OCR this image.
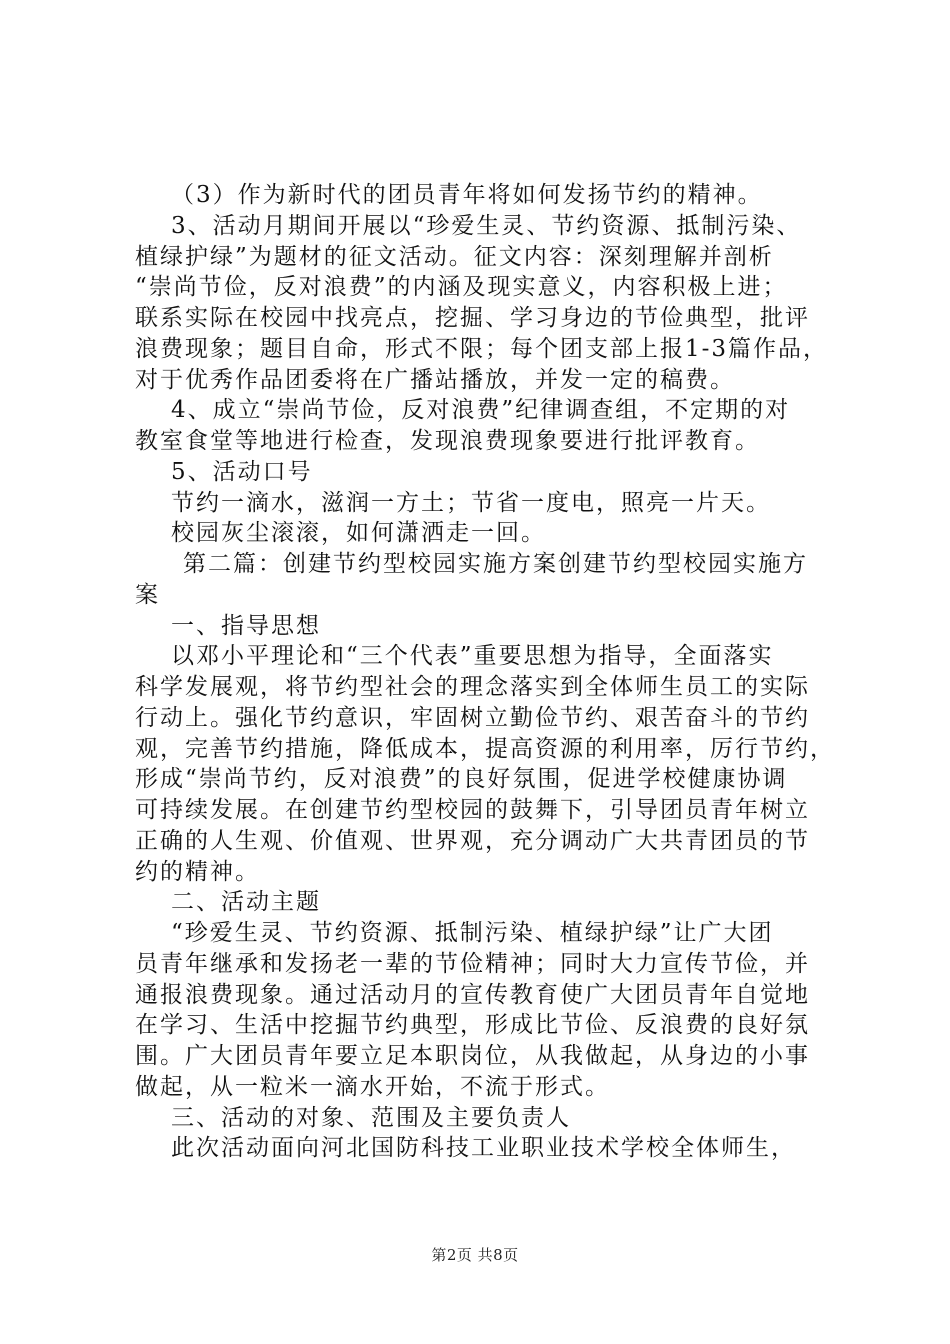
（3）作为新时代的团员青年将如何发扬节约的精神。
3、活动月期间开展以“珍爱生灵、节约资源、抵制污染、
植绿护绿”为题材的征文活动。征文内容：深刻理解并剖析
“崇尚节俭，反对浪费”的内涵及现实意义，内容积极上进；
联系实际在校园中找亮点，挖掘、学习身边的节俭典型，批评
浪费现象；题目自命，形式不限；每个团支部上报1-3篇作品，
对于优秀作品团委将在广播站播放，并发一定的稿费。
4、成立“崇尚节俭，反对浪费”纪律调查组，不定期的对
教室食堂等地进行检查，发现浪费现象要进行批评教育。
5、活动口号
节约一滴水，滋润一方土；节省一度电，照亮一片天。
校园灰尘滚滚，如何潇洒走一回。
第二篇：创建节约型校园实施方案创建节约型校园实施方
案
一、指导思想
以邓小平理论和“三个代表”重要思想为指导，全面落实
科学发展观，将节约型社会的理念落实到全体师生员工的实际
行动上。强化节约意识，牢固树立勤俭节约、艰苦奋斗的节约
观，完善节约措施，降低成本，提高资源的利用率，厉行节约，
形成“崇尚节约，反对浪费”的良好氛围，促进学校健康协调
可持续发展。在创建节约型校园的鼓舞下，引导团员青年树立
正确的人生观、价值观、世界观，充分调动广大共青团员的节
约的精神。
二、活动主题
“珍爱生灵、节约资源、抵制污染、植绿护绿”让广大团
员青年继承和发扬老一辈的节俭精神；同时大力宣传节俭，并
通报浪费现象。通过活动月的宣传教育使广大团员青年自觉地
在学习、生活中挖掘节约典型，形成比节俭、反浪费的良好氛
围。广大团员青年要立足本职岗位，从我做起，从身边的小事
做起，从一粒米一滴水开始，不流于形式。
三、活动的对象、范围及主要负责人
此次活动面向河北国防科技工业职业技术学校全体师生，
第2页 共8页
